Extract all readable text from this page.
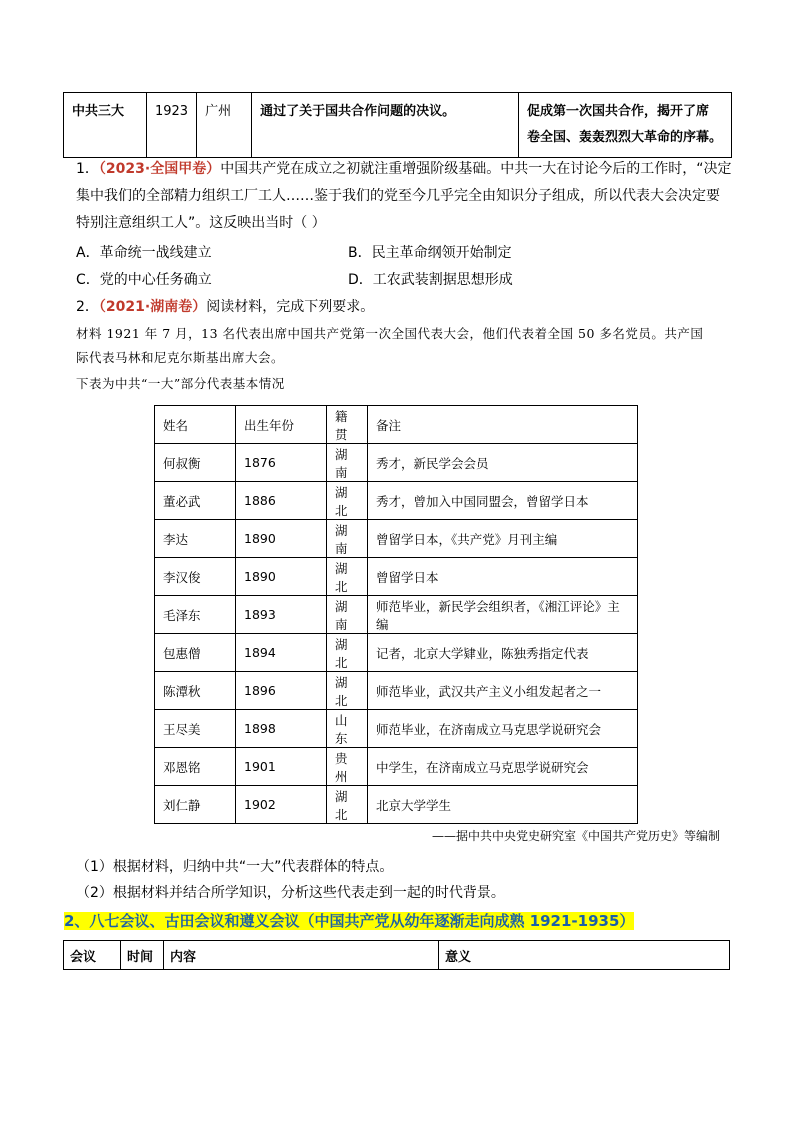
中共三大	1923	广州	通过了关于国共合作问题的决议。	促成第一次国共合作，揭开了席
卷全国、轰轰烈烈大革命的序幕。
1．（2023·全国甲卷）中国共产党在成立之初就注重增强阶级基础。中共一大在讨论今后的工作时，“决定
集中我们的全部精力组织工厂工人……鉴于我们的党至今几乎完全由知识分子组成，所以代表大会决定要
特别注意组织工人”。这反映出当时（ ）
A．革命统一战线建立	B．民主革命纲领开始制定
C．党的中心任务确立	D．工农武装割据思想形成
2．（2021·湖南卷）阅读材料，完成下列要求。
材料 1921 年 7 月，13 名代表出席中国共产党第一次全国代表大会，他们代表着全国 50 多名党员。共产国
际代表马林和尼克尔斯基出席大会。
下表为中共“一大”部分代表基本情况
姓名	出生年份	籍贯	备注
何叔衡	1876	湖南	秀才，新民学会会员
董必武	1886	湖北	秀才，曾加入中国同盟会，曾留学日本
李达	1890	湖南	曾留学日本，《共产党》月刊主编
李汉俊	1890	湖北	曾留学日本
毛泽东	1893	湖南	师范毕业，新民学会组织者，《湘江评论》主编
包惠僧	1894	湖北	记者，北京大学肄业，陈独秀指定代表
陈潭秋	1896	湖北	师范毕业，武汉共产主义小组发起者之一
王尽美	1898	山东	师范毕业，在济南成立马克思学说研究会
邓恩铭	1901	贵州	中学生，在济南成立马克思学说研究会
刘仁静	1902	湖北	北京大学学生
——据中共中央党史研究室《中国共产党历史》等编制
（1）根据材料，归纳中共“一大”代表群体的特点。
（2）根据材料并结合所学知识，分析这些代表走到一起的时代背景。
2、八七会议、古田会议和遵义会议（中国共产党从幼年逐渐走向成熟 1921-1935）
会议	时间	内容	意义
